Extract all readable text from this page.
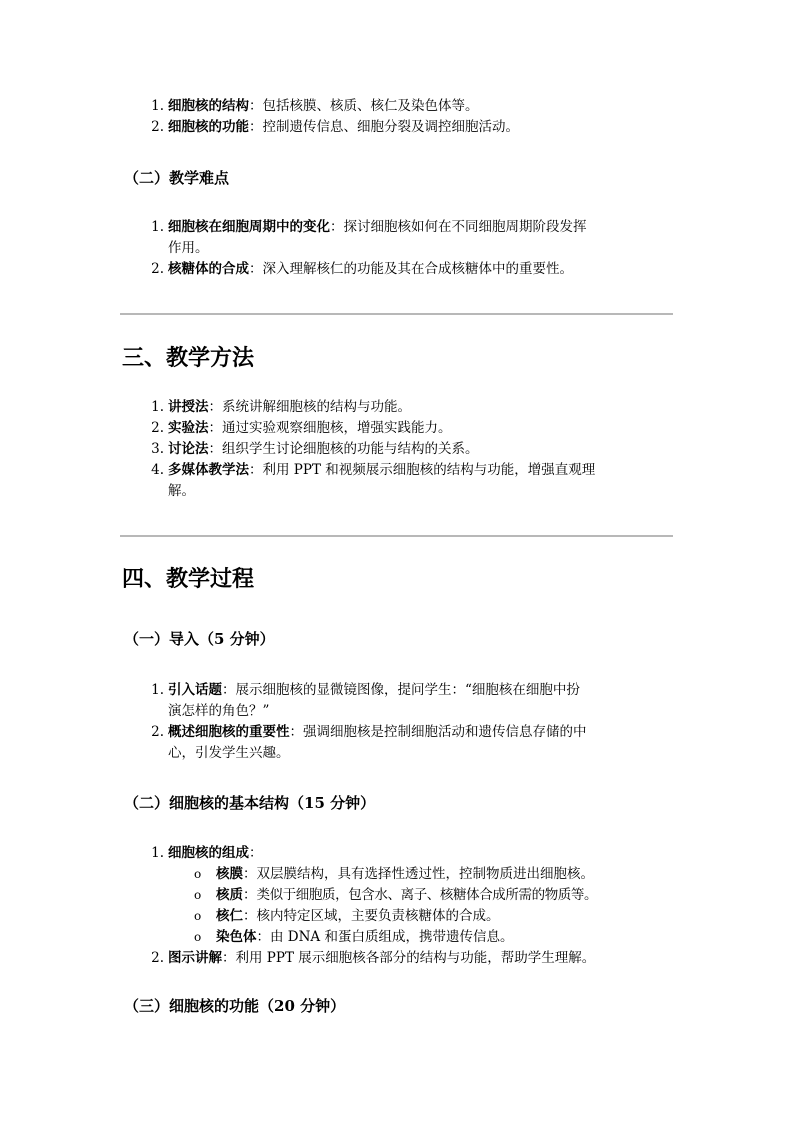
1. 细胞核的结构：包括核膜、核质、核仁及染色体等。
2. 细胞核的功能：控制遗传信息、细胞分裂及调控细胞活动。
（二）教学难点
1. 细胞核在细胞周期中的变化：探讨细胞核如何在不同细胞周期阶段发挥
作用。
2. 核糖体的合成：深入理解核仁的功能及其在合成核糖体中的重要性。
三、教学方法
1. 讲授法：系统讲解细胞核的结构与功能。
2. 实验法：通过实验观察细胞核，增强实践能力。
3. 讨论法：组织学生讨论细胞核的功能与结构的关系。
4. 多媒体教学法：利用 PPT 和视频展示细胞核的结构与功能，增强直观理
解。
四、教学过程
（一）导入（5 分钟）
1. 引入话题：展示细胞核的显微镜图像，提问学生：“细胞核在细胞中扮
演怎样的角色？”
2. 概述细胞核的重要性：强调细胞核是控制细胞活动和遗传信息存储的中
心，引发学生兴趣。
（二）细胞核的基本结构（15 分钟）
1. 细胞核的组成：
o 核膜：双层膜结构，具有选择性透过性，控制物质进出细胞核。
o 核质：类似于细胞质，包含水、离子、核糖体合成所需的物质等。
o 核仁：核内特定区域，主要负责核糖体的合成。
o 染色体：由 DNA 和蛋白质组成，携带遗传信息。
2. 图示讲解：利用 PPT 展示细胞核各部分的结构与功能，帮助学生理解。
（三）细胞核的功能（20 分钟）
